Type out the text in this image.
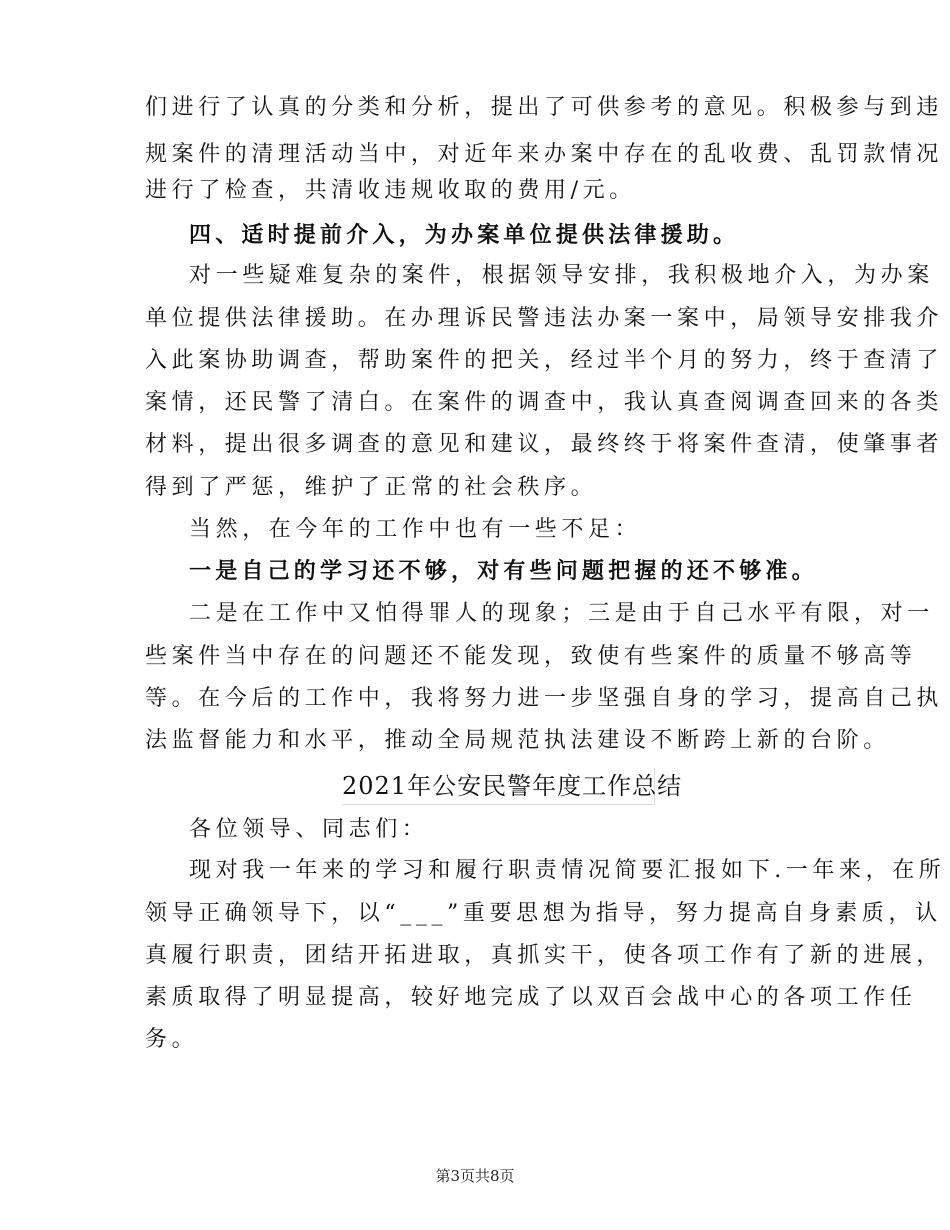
们进行了认真的分类和分析，提出了可供参考的意见。积极参与到违
规案件的清理活动当中，对近年来办案中存在的乱收费、乱罚款情况
进行了检查，共清收违规收取的费用/元。
四、适时提前介入，为办案单位提供法律援助。
对一些疑难复杂的案件，根据领导安排，我积极地介入，为办案
单位提供法律援助。在办理诉民警违法办案一案中，局领导安排我介
入此案协助调查，帮助案件的把关，经过半个月的努力，终于查清了
案情，还民警了清白。在案件的调查中，我认真查阅调查回来的各类
材料，提出很多调查的意见和建议，最终终于将案件查清，使肇事者
得到了严惩，维护了正常的社会秩序。
当然，在今年的工作中也有一些不足：
一是自己的学习还不够，对有些问题把握的还不够准。
二是在工作中又怕得罪人的现象；三是由于自己水平有限，对一
些案件当中存在的问题还不能发现，致使有些案件的质量不够高等
等。在今后的工作中，我将努力进一步坚强自身的学习，提高自己执
法监督能力和水平，推动全局规范执法建设不断跨上新的台阶。
2021年公安民警年度工作总结
各位领导、同志们：
现对我一年来的学习和履行职责情况简要汇报如下.一年来，在所
领导正确领导下，以“___”重要思想为指导，努力提高自身素质，认
真履行职责，团结开拓进取，真抓实干，使各项工作有了新的进展，
素质取得了明显提高，较好地完成了以双百会战中心的各项工作任
务。
第3页共8页
